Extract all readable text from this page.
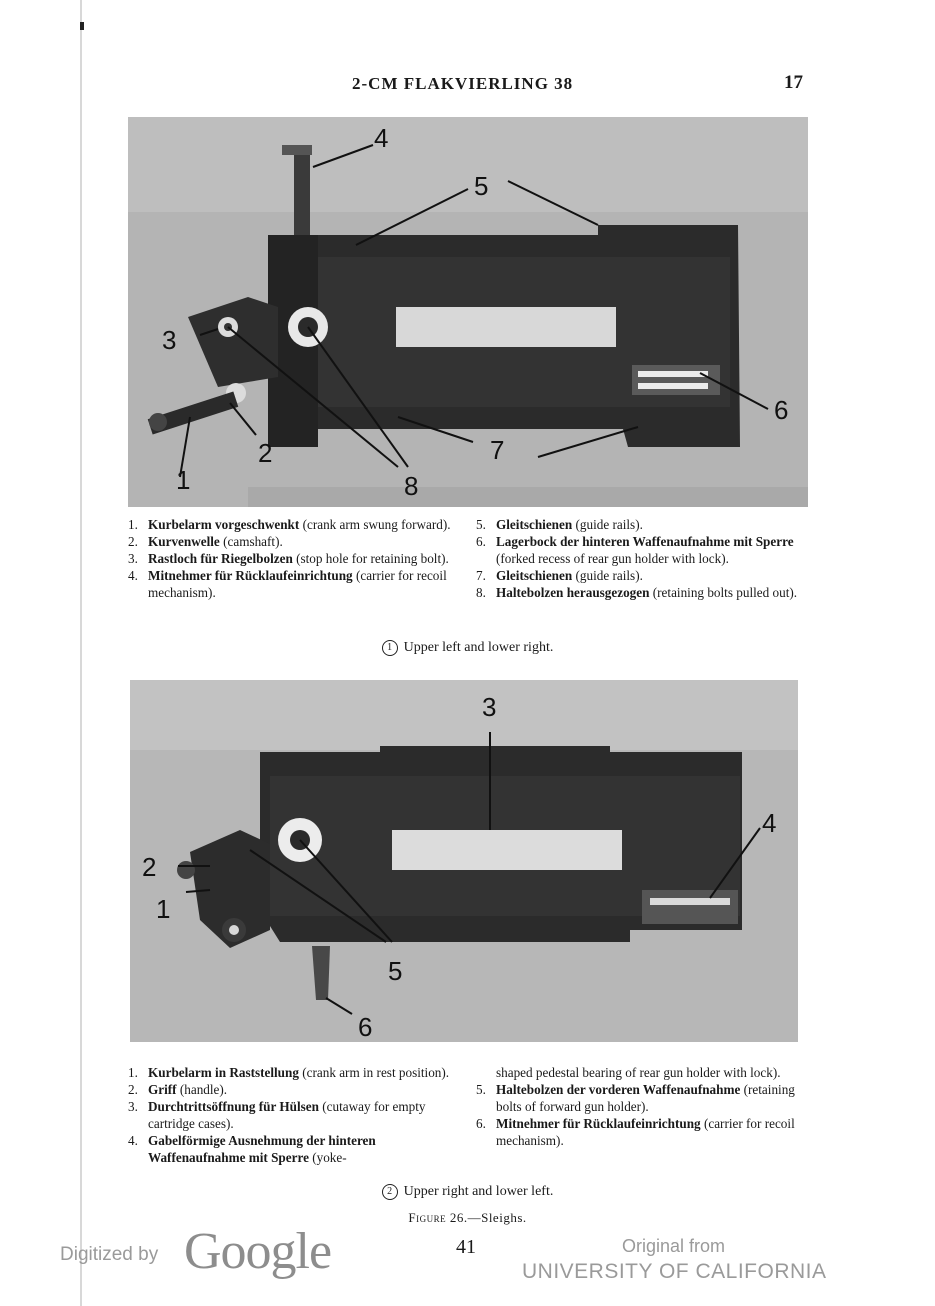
2-CM FLAKVIERLING 38	17
1
2
3
4
5
6
7
8

1. Kurbelarm vorgeschwenkt (crank arm swung forward).

2. Kurvenwelle (camshaft).

3. Rastloch für Riegelbolzen (stop hole for retaining bolt).

4. Mitnehmer für Rücklaufeinrichtung (carrier for recoil mechanism).

5. Gleitschienen (guide rails).

6. Lagerbock der hinteren Waffenaufnahme mit Sperre (forked recess of rear gun holder with lock).

7. Gleitschienen (guide rails).

8. Haltebolzen herausgezogen (retaining bolts pulled out).

1 Upper left and lower right.
3
4
2
1
5
6

1. Kurbelarm in Raststellung (crank arm in rest position).

2. Griff (handle).

3. Durchtrittsöffnung für Hülsen (cutaway for empty cartridge cases).

4. Gabelförmige Ausnehmung der hinteren Waffenaufnahme mit Sperre (yoke-

shaped pedestal bearing of rear gun holder with lock).

5. Haltebolzen der vorderen Waffenaufnahme (retaining bolts of forward gun holder).

6. Mitnehmer für Rücklaufeinrichtung (carrier for recoil mechanism).

2 Upper right and lower left.
Figure 26.—Sleighs.
41
Digitized by Google	Original from
UNIVERSITY OF CALIFORNIA
